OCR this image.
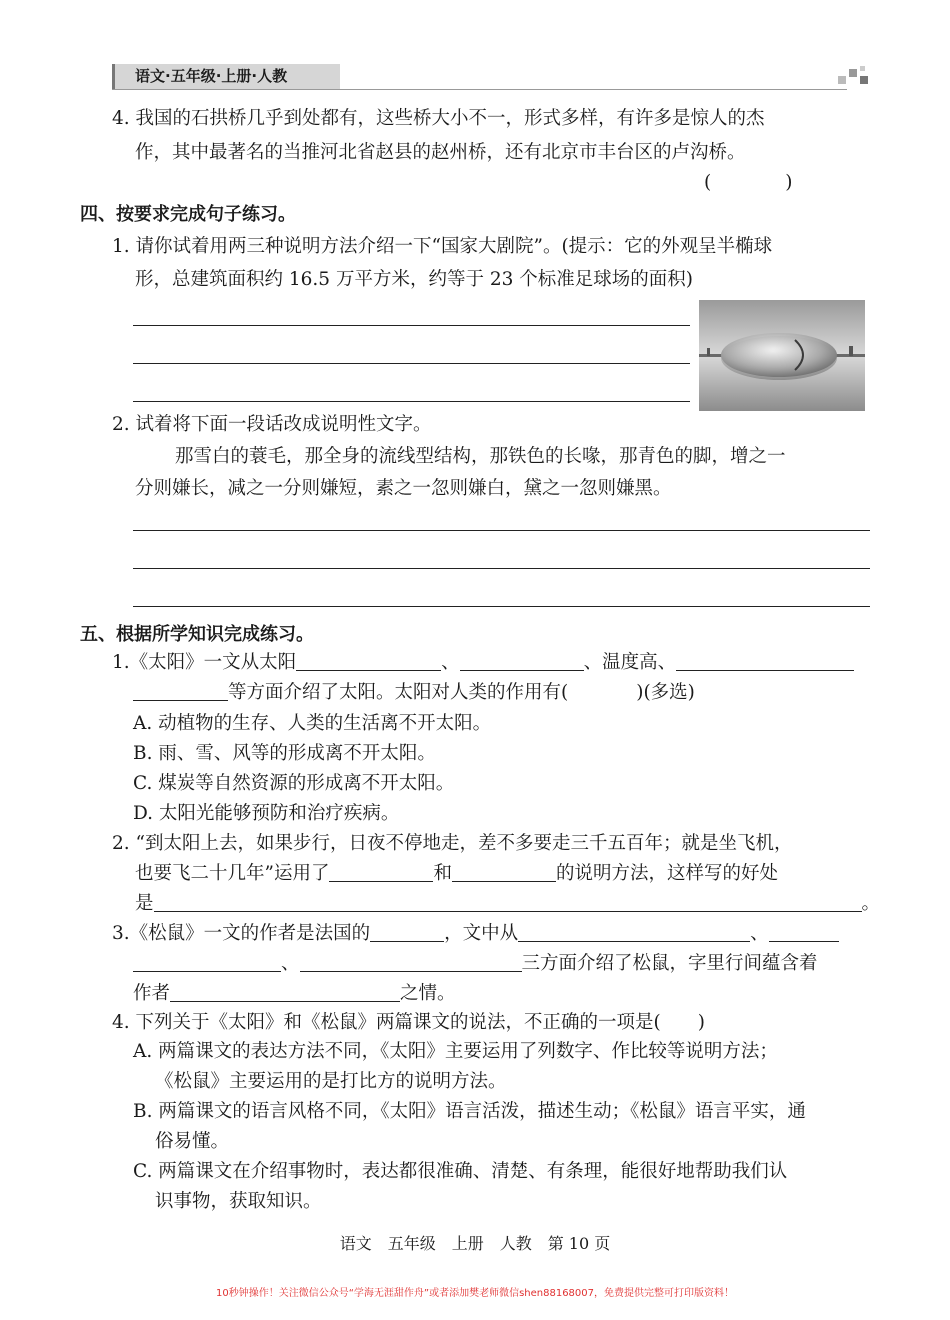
语文·五年级·上册·人教
4. 我国的石拱桥几乎到处都有，这些桥大小不一，形式多样，有许多是惊人的杰
作，其中最著名的当推河北省赵县的赵州桥，还有北京市丰台区的卢沟桥。
(　　　　)
四、按要求完成句子练习。
1. 请你试着用两三种说明方法介绍一下“国家大剧院”。(提示：它的外观呈半椭球
形，总建筑面积约 16.5 万平方米，约等于 23 个标准足球场的面积)
2. 试着将下面一段话改成说明性文字。
那雪白的蓑毛，那全身的流线型结构，那铁色的长喙，那青色的脚，增之一
分则嫌长，减之一分则嫌短，素之一忽则嫌白，黛之一忽则嫌黑。
五、根据所学知识完成练习。
1.《太阳》一文从太阳	、	、温度高、
等方面介绍了太阳。太阳对人类的作用有(	)(多选)
A. 动植物的生存、人类的生活离不开太阳。
B. 雨、雪、风等的形成离不开太阳。
C. 煤炭等自然资源的形成离不开太阳。
D. 太阳光能够预防和治疗疾病。
2. “到太阳上去，如果步行，日夜不停地走，差不多要走三千五百年；就是坐飞机，
也要飞二十几年”运用了	和	的说明方法，这样写的好处
是	。
3.《松鼠》一文的作者是法国的	，文中从	、
、	三方面介绍了松鼠，字里行间蕴含着
作者	之情。
4. 下列关于《太阳》和《松鼠》两篇课文的说法，不正确的一项是(　　)
A. 两篇课文的表达方法不同，《太阳》主要运用了列数字、作比较等说明方法；
《松鼠》主要运用的是打比方的说明方法。
B. 两篇课文的语言风格不同，《太阳》语言活泼，描述生动；《松鼠》语言平实，通
俗易懂。
C. 两篇课文在介绍事物时，表达都很准确、清楚、有条理，能很好地帮助我们认
识事物，获取知识。
语文　五年级　上册　人教　第 10 页
10秒钟操作！关注微信公众号“学海无涯甜作舟”或者添加樊老师微信shen88168007，免费提供完整可打印版资料！
